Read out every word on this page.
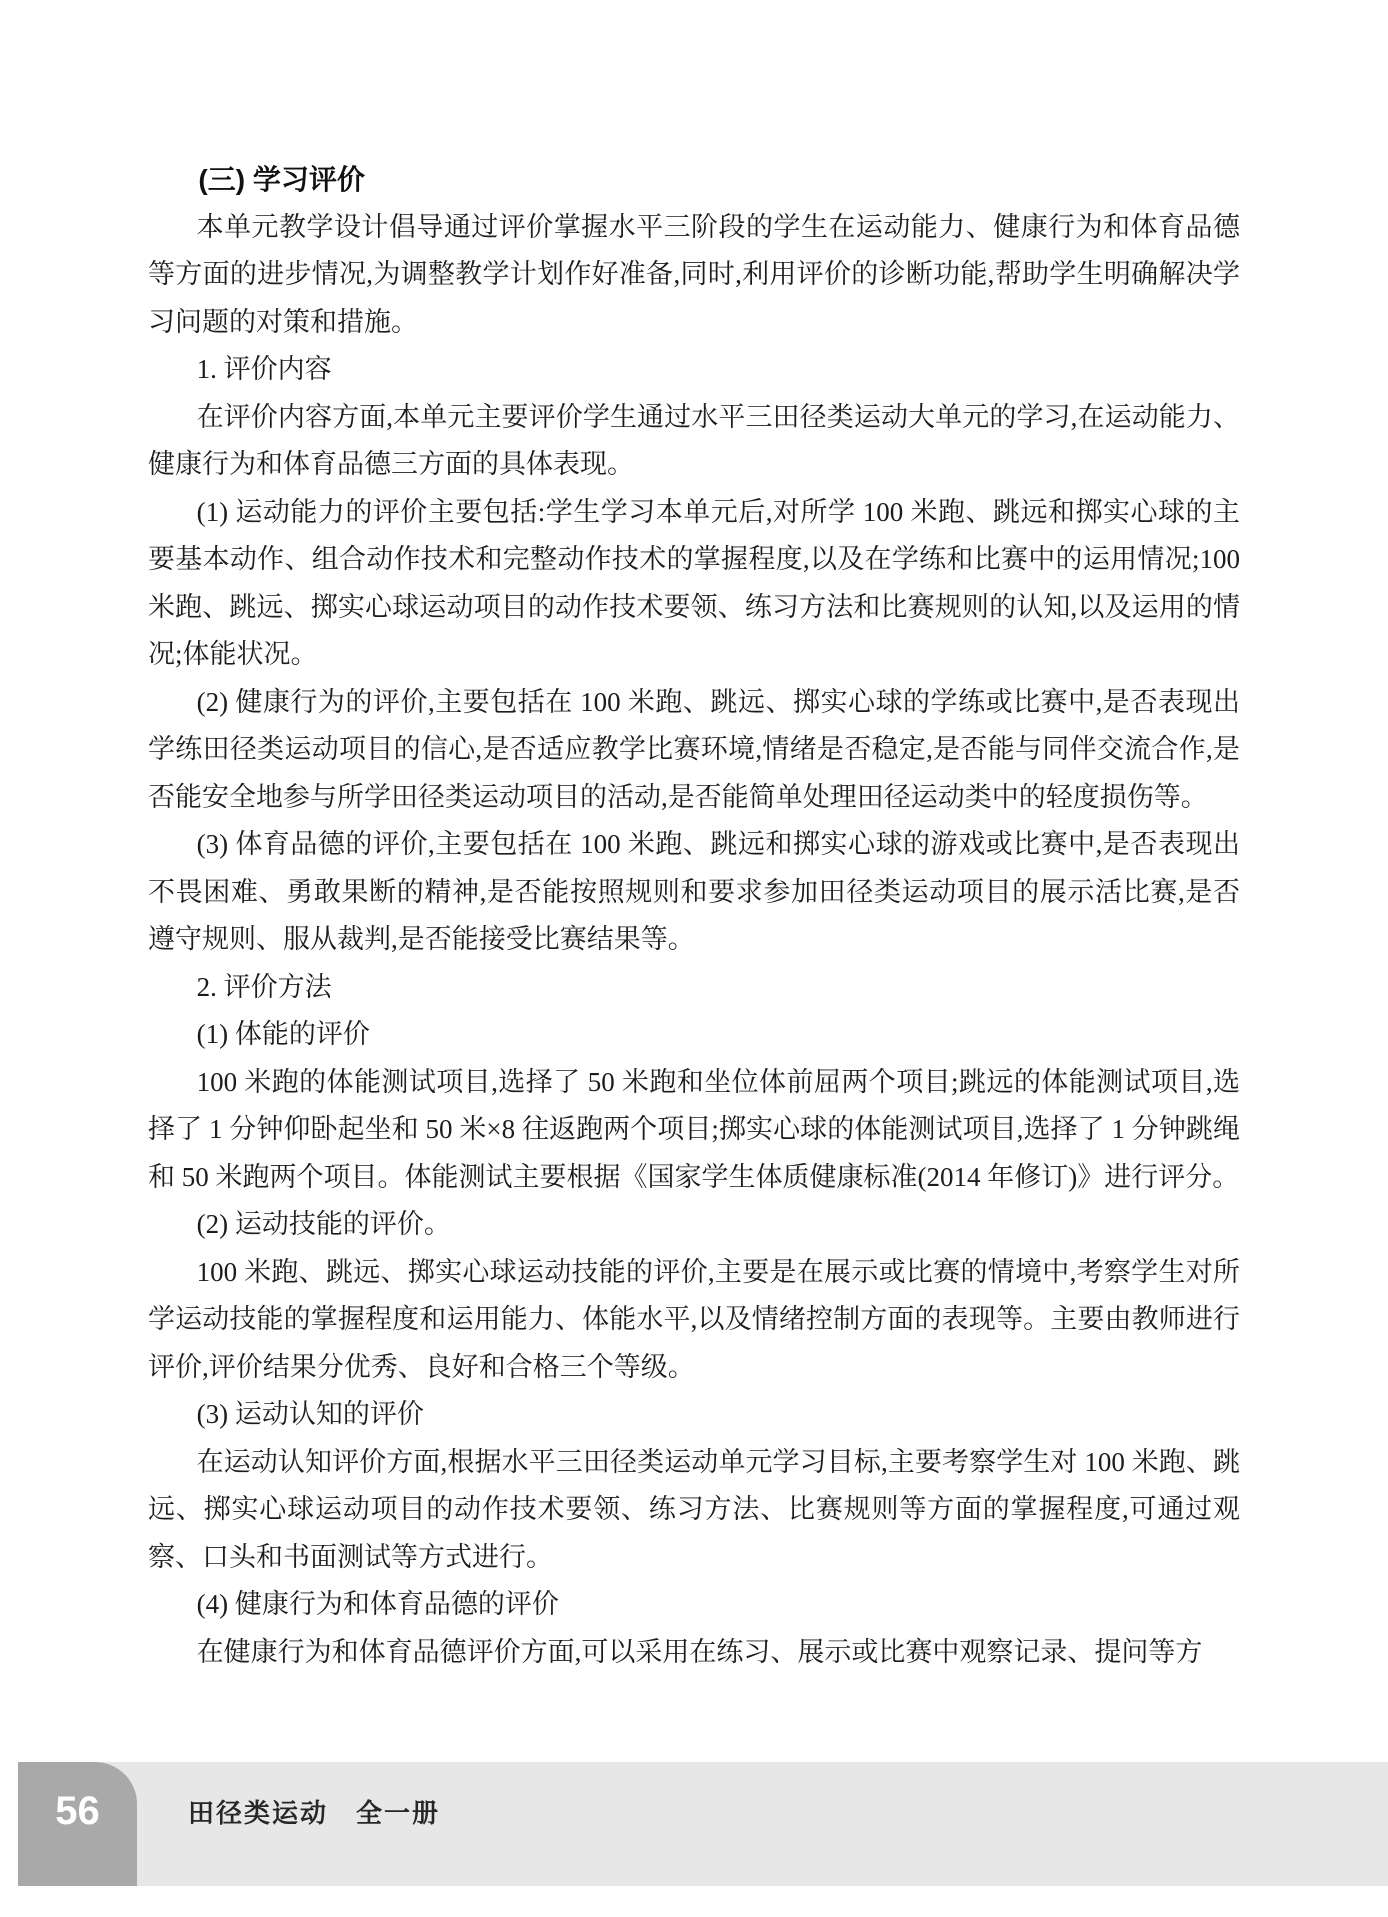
(三) 学习评价

本单元教学设计倡导通过评价掌握水平三阶段的学生在运动能力、健康行为和体育品德等方面的进步情况,为调整教学计划作好准备,同时,利用评价的诊断功能,帮助学生明确解决学习问题的对策和措施。

1. 评价内容

在评价内容方面,本单元主要评价学生通过水平三田径类运动大单元的学习,在运动能力、健康行为和体育品德三方面的具体表现。

(1) 运动能力的评价主要包括:学生学习本单元后,对所学 100 米跑、跳远和掷实心球的主要基本动作、组合动作技术和完整动作技术的掌握程度,以及在学练和比赛中的运用情况;100 米跑、跳远、掷实心球运动项目的动作技术要领、练习方法和比赛规则的认知,以及运用的情况;体能状况。

(2) 健康行为的评价,主要包括在 100 米跑、跳远、掷实心球的学练或比赛中,是否表现出学练田径类运动项目的信心,是否适应教学比赛环境,情绪是否稳定,是否能与同伴交流合作,是否能安全地参与所学田径类运动项目的活动,是否能简单处理田径运动类中的轻度损伤等。

(3) 体育品德的评价,主要包括在 100 米跑、跳远和掷实心球的游戏或比赛中,是否表现出不畏困难、勇敢果断的精神,是否能按照规则和要求参加田径类运动项目的展示活比赛,是否遵守规则、服从裁判,是否能接受比赛结果等。

2. 评价方法

(1) 体能的评价

100 米跑的体能测试项目,选择了 50 米跑和坐位体前屈两个项目;跳远的体能测试项目,选择了 1 分钟仰卧起坐和 50 米×8 往返跑两个项目;掷实心球的体能测试项目,选择了 1 分钟跳绳和 50 米跑两个项目。体能测试主要根据《国家学生体质健康标准(2014 年修订)》进行评分。

(2) 运动技能的评价。

100 米跑、跳远、掷实心球运动技能的评价,主要是在展示或比赛的情境中,考察学生对所学运动技能的掌握程度和运用能力、体能水平,以及情绪控制方面的表现等。主要由教师进行评价,评价结果分优秀、良好和合格三个等级。

(3) 运动认知的评价

在运动认知评价方面,根据水平三田径类运动单元学习目标,主要考察学生对 100 米跑、跳远、掷实心球运动项目的动作技术要领、练习方法、比赛规则等方面的掌握程度,可通过观察、口头和书面测试等方式进行。

(4) 健康行为和体育品德的评价

在健康行为和体育品德评价方面,可以采用在练习、展示或比赛中观察记录、提问等方

56	田径类运动　全一册
